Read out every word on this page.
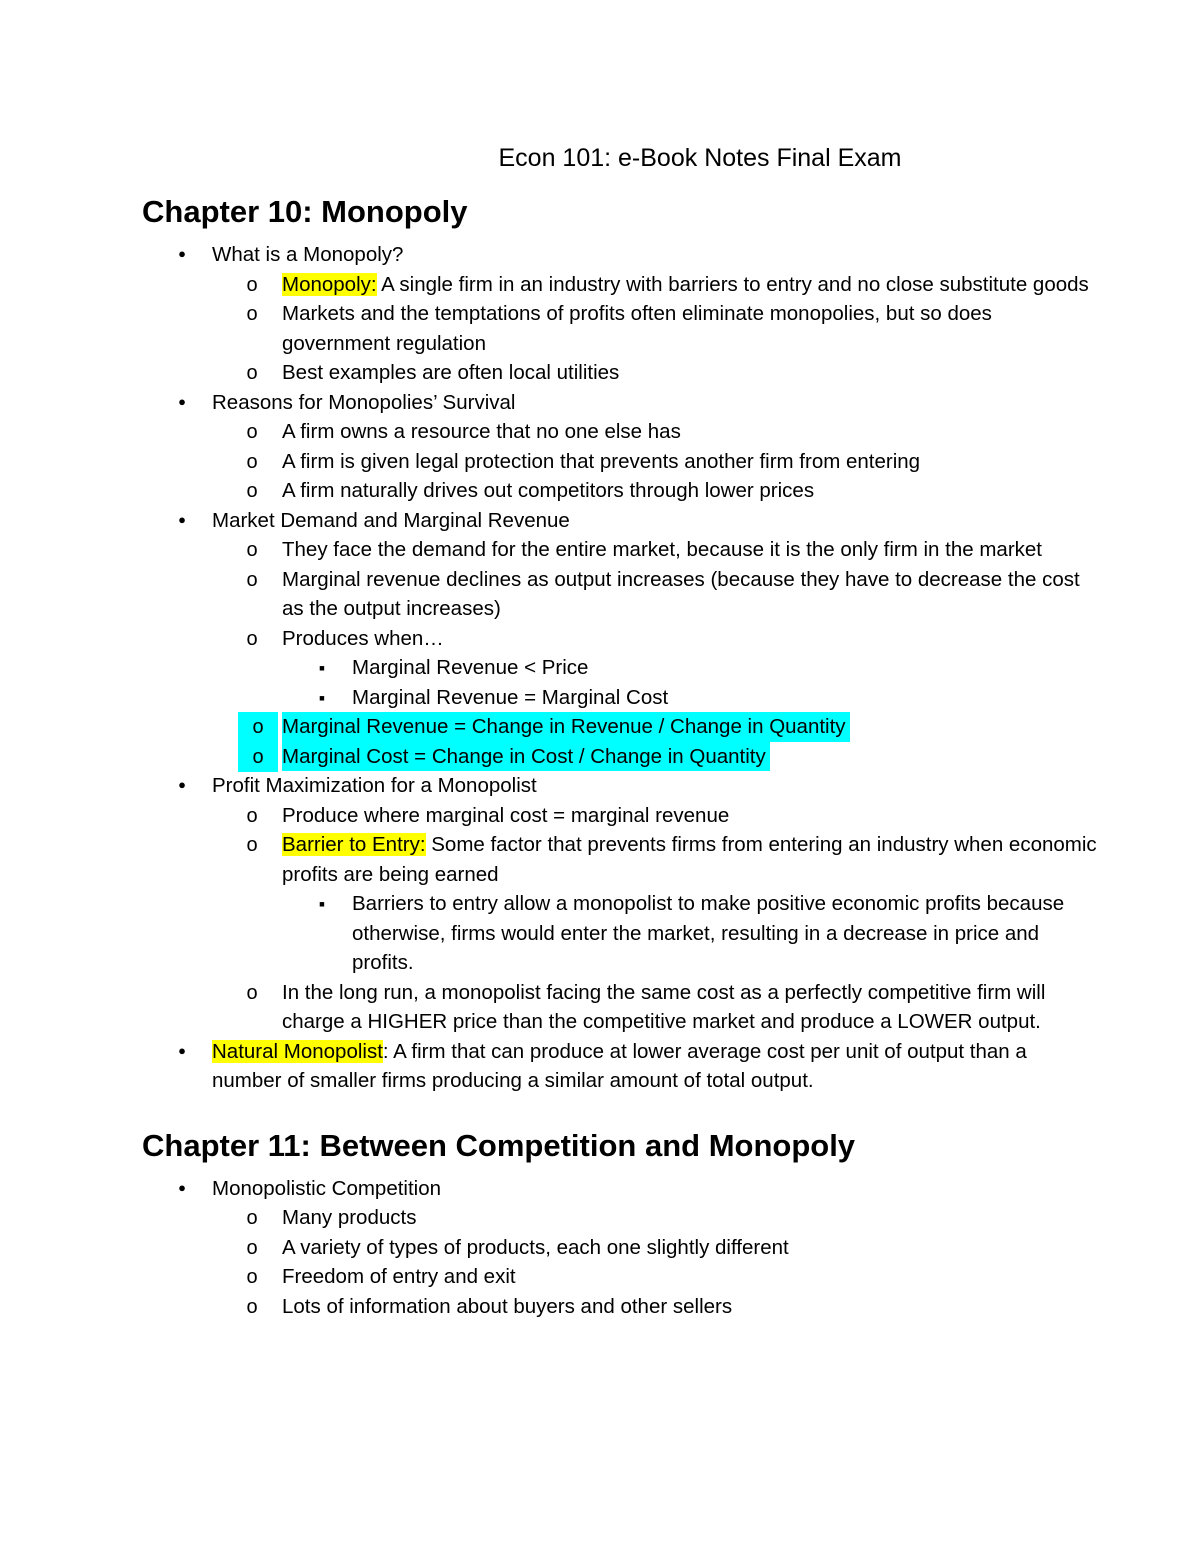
Econ 101: e-Book Notes Final Exam
Chapter 10: Monopoly
●
What is a Monopoly?
o
Monopoly: A single firm in an industry with barriers to entry and no close substitute goods
o
Markets and the temptations of profits often eliminate monopolies, but so does government regulation
o
Best examples are often local utilities
●
Reasons for Monopolies’ Survival
o
A firm owns a resource that no one else has
o
A firm is given legal protection that prevents another firm from entering
o
A firm naturally drives out competitors through lower prices
●
Market Demand and Marginal Revenue
o
They face the demand for the entire market, because it is the only firm in the market
o
Marginal revenue declines as output increases (because they have to decrease the cost as the output increases)
o
Produces when…
▪
Marginal Revenue < Price
▪
Marginal Revenue = Marginal Cost
o
Marginal Revenue = Change in Revenue / Change in Quantity
o
Marginal Cost = Change in Cost / Change in Quantity
●
Profit Maximization for a Monopolist
o
Produce where marginal cost = marginal revenue
o
Barrier to Entry: Some factor that prevents firms from entering an industry when economic profits are being earned
▪
Barriers to entry allow a monopolist to make positive economic profits because otherwise, firms would enter the market, resulting in a decrease in price and profits.
o
In the long run, a monopolist facing the same cost as a perfectly competitive firm will charge a HIGHER price than the competitive market and produce a LOWER output.
●
Natural Monopolist: A firm that can produce at lower average cost per unit of output than a number of smaller firms producing a similar amount of total output.
Chapter 11: Between Competition and Monopoly
●
Monopolistic Competition
o
Many products
o
A variety of types of products, each one slightly different
o
Freedom of entry and exit
o
Lots of information about buyers and other sellers
